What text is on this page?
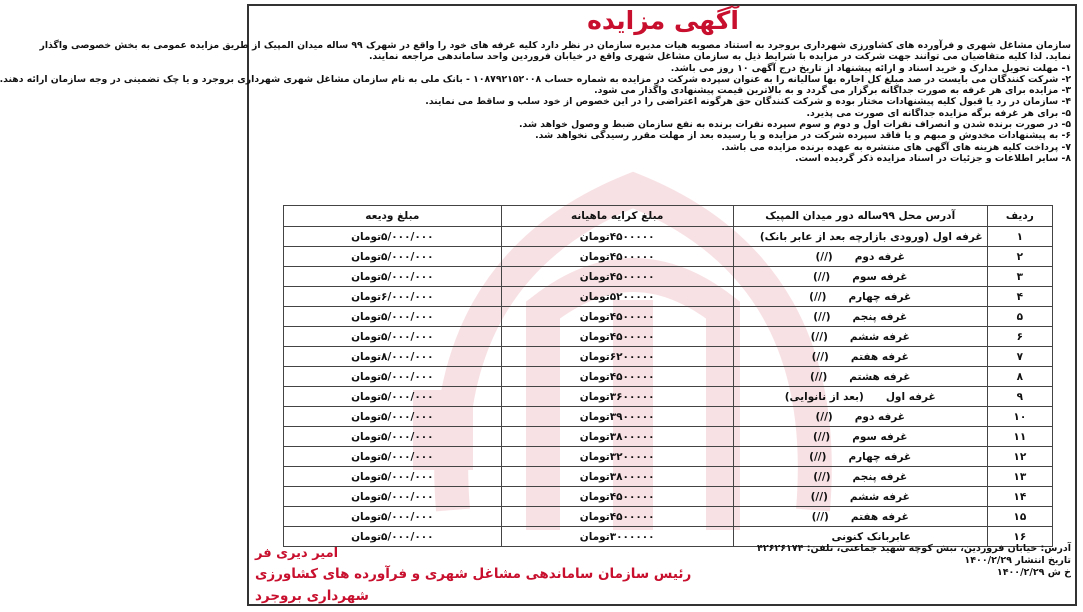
آگهی مزایده

سازمان مشاغل شهری و فرآورده های کشاورزی شهرداری بروجرد به استناد مصوبه هیات مدیره سازمان در نظر دارد کلیه غرفه های خود را واقع در شهرک ۹۹ ساله میدان المپیک از طریق مزایده عمومی به بخش خصوصی واگذار

نماید. لذا کلیه متقاضیان می توانند جهت شرکت در مزایده با شرایط ذیل به سازمان مشاغل شهری واقع در خیابان فروردین واحد ساماندهی مراجعه نمایند.

۱- مهلت تحویل مدارک و خرید اسناد و ارائه پیشنهاد از تاریخ درج آگهی ۱۰ روز می باشد.

۲- شرکت کنندگان می بایست در صد مبلغ کل اجاره بها سالیانه را به عنوان سپرده شرکت در مزایده به شماره حساب ۱۰۸۷۹۲۱۵۲۰۰۸ - بانک ملی به نام سازمان مشاغل شهری شهرداری بروجرد و یا چک تضمینی در وجه سازمان ارائه دهند.

۳- مزایده برای هر غرفه به صورت جداگانه برگزار می گردد و به بالاترین قیمت پیشنهادی واگذار می شود.

۴- سازمان در رد یا قبول کلیه پیشنهادات مختار بوده و شرکت کنندگان حق هرگونه اعتراضی را در این خصوص از خود سلب و ساقط می نمایند.

۵- برای هر غرفه برگه مزایده جداگانه ای صورت می پذیرد.

۵- در صورت برنده شدن و انصراف نفرات اول و دوم و سوم سپرده نفرات برنده به نفع سازمان ضبط و وصول خواهد شد.

۶- به پیشنهادات مخدوش و مبهم و یا فاقد سپرده شرکت در مزایده و یا رسیده بعد از مهلت مقرر رسیدگی نخواهد شد.

۷- پرداخت کلیه هزینه های آگهی های منتشره به عهده برنده مزایده می باشد.

۸- سایر اطلاعات و جزئیات در اسناد مزایده ذکر گردیده است.

ردیف	آدرس محل ۹۹ساله دور میدان المپیک	مبلغ کرایه ماهیانه	مبلغ ودیعه
۱	غرفه اول (ورودی بازارچه بعد از عابر بانک)	۴۵۰۰۰۰۰تومان	۵/۰۰۰/۰۰۰تومان
۲	غرفه دوم(//)	۴۵۰۰۰۰۰تومان	۵/۰۰۰/۰۰۰تومان
۳	غرفه سوم(//)	۴۵۰۰۰۰۰تومان	۵/۰۰۰/۰۰۰تومان
۴	غرفه چهارم(//)	۵۲۰۰۰۰۰تومان	۶/۰۰۰/۰۰۰تومان
۵	غرفه پنجم(//)	۴۵۰۰۰۰۰تومان	۵/۰۰۰/۰۰۰تومان
۶	غرفه ششم(//)	۴۵۰۰۰۰۰تومان	۵/۰۰۰/۰۰۰تومان
۷	غرفه هفتم(//)	۶۲۰۰۰۰۰تومان	۸/۰۰۰/۰۰۰تومان
۸	غرفه هشتم(//)	۴۵۰۰۰۰۰تومان	۵/۰۰۰/۰۰۰تومان
۹	غرفه اول(بعد از نانوایی)	۳۶۰۰۰۰۰تومان	۵/۰۰۰/۰۰۰تومان
۱۰	غرفه دوم(//)	۳۹۰۰۰۰۰تومان	۵/۰۰۰/۰۰۰تومان
۱۱	غرفه سوم(//)	۳۸۰۰۰۰۰تومان	۵/۰۰۰/۰۰۰تومان
۱۲	غرفه چهارم(//)	۳۲۰۰۰۰۰تومان	۵/۰۰۰/۰۰۰تومان
۱۳	غرفه پنجم(//)	۳۸۰۰۰۰۰تومان	۵/۰۰۰/۰۰۰تومان
۱۴	غرفه ششم(//)	۴۵۰۰۰۰۰تومان	۵/۰۰۰/۰۰۰تومان
۱۵	غرفه هفتم(//)	۴۵۰۰۰۰۰تومان	۵/۰۰۰/۰۰۰تومان
۱۶	عابربانک کنونی	۳۰۰۰۰۰۰تومان	۵/۰۰۰/۰۰۰تومان
آدرس: خیابان فروردین، نبش کوچه شهید جماعتی، تلفن: ۴۲۶۲۶۱۷۴
تاریخ انتشار ۱۴۰۰/۲/۲۹
خ ش ۱۴۰۰/۲/۲۹
امیر دیری فر
رئیس سازمان ساماندهی مشاغل شهری و فرآورده های کشاورزی شهرداری بروجرد
